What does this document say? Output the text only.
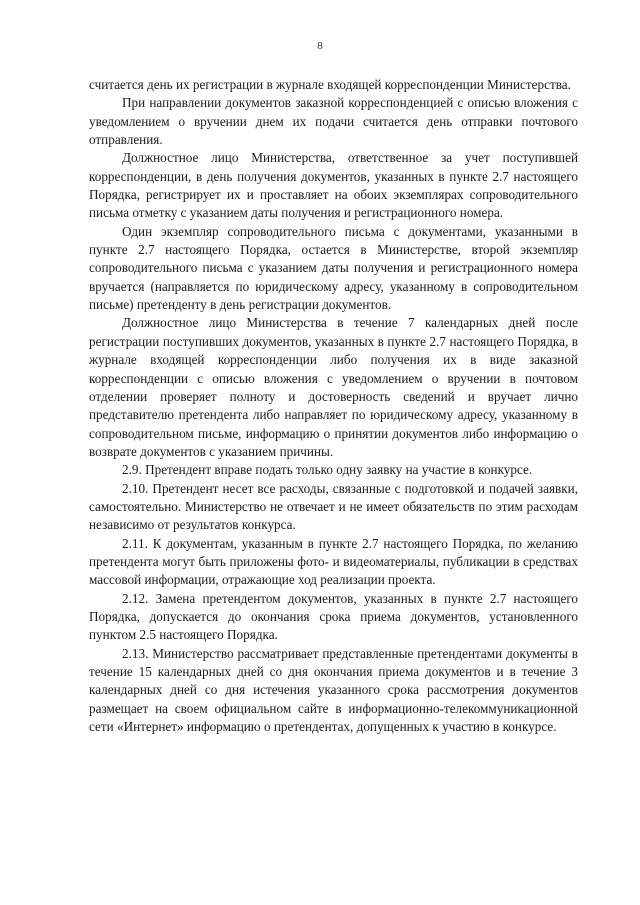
8

считается день их регистрации в журнале входящей корреспонденции Министерства.

При направлении документов заказной корреспонденцией с описью вложения с уведомлением о вручении днем их подачи считается день отправки почтового отправления.

Должностное лицо Министерства, ответственное за учет поступившей корреспонденции, в день получения документов, указанных в пункте 2.7 настоящего Порядка, регистрирует их и проставляет на обоих экземплярах сопроводительного письма отметку с указанием даты получения и регистрационного номера.

Один экземпляр сопроводительного письма с документами, указанными в пункте 2.7 настоящего Порядка, остается в Министерстве, второй экземпляр сопроводительного письма с указанием даты получения и регистрационного номера вручается (направляется по юридическому адресу, указанному в сопроводительном письме) претенденту в день регистрации документов.

Должностное лицо Министерства в течение 7 календарных дней после регистрации поступивших документов, указанных в пункте 2.7 настоящего Порядка, в журнале входящей корреспонденции либо получения их в виде заказной корреспонденции с описью вложения с уведомлением о вручении в почтовом отделении проверяет полноту и достоверность сведений и вручает лично представителю претендента либо направляет по юридическому адресу, указанному в сопроводительном письме, информацию о принятии документов либо информацию о возврате документов с указанием причины.

2.9. Претендент вправе подать только одну заявку на участие в конкурсе.

2.10. Претендент несет все расходы, связанные с подготовкой и подачей заявки, самостоятельно. Министерство не отвечает и не имеет обязательств по этим расходам независимо от результатов конкурса.

2.11. К документам, указанным в пункте 2.7 настоящего Порядка, по желанию претендента могут быть приложены фото- и видеоматериалы, публикации в средствах массовой информации, отражающие ход реализации проекта.

2.12. Замена претендентом документов, указанных в пункте 2.7 настоящего Порядка, допускается до окончания срока приема документов, установленного пунктом 2.5 настоящего Порядка.

2.13. Министерство рассматривает представленные претендентами документы в течение 15 календарных дней со дня окончания приема документов и в течение 3 календарных дней со дня истечения указанного срока рассмотрения документов размещает на своем официальном сайте в информационно-телекоммуникационной сети «Интернет» информацию о претендентах, допущенных к участию в конкурсе.
